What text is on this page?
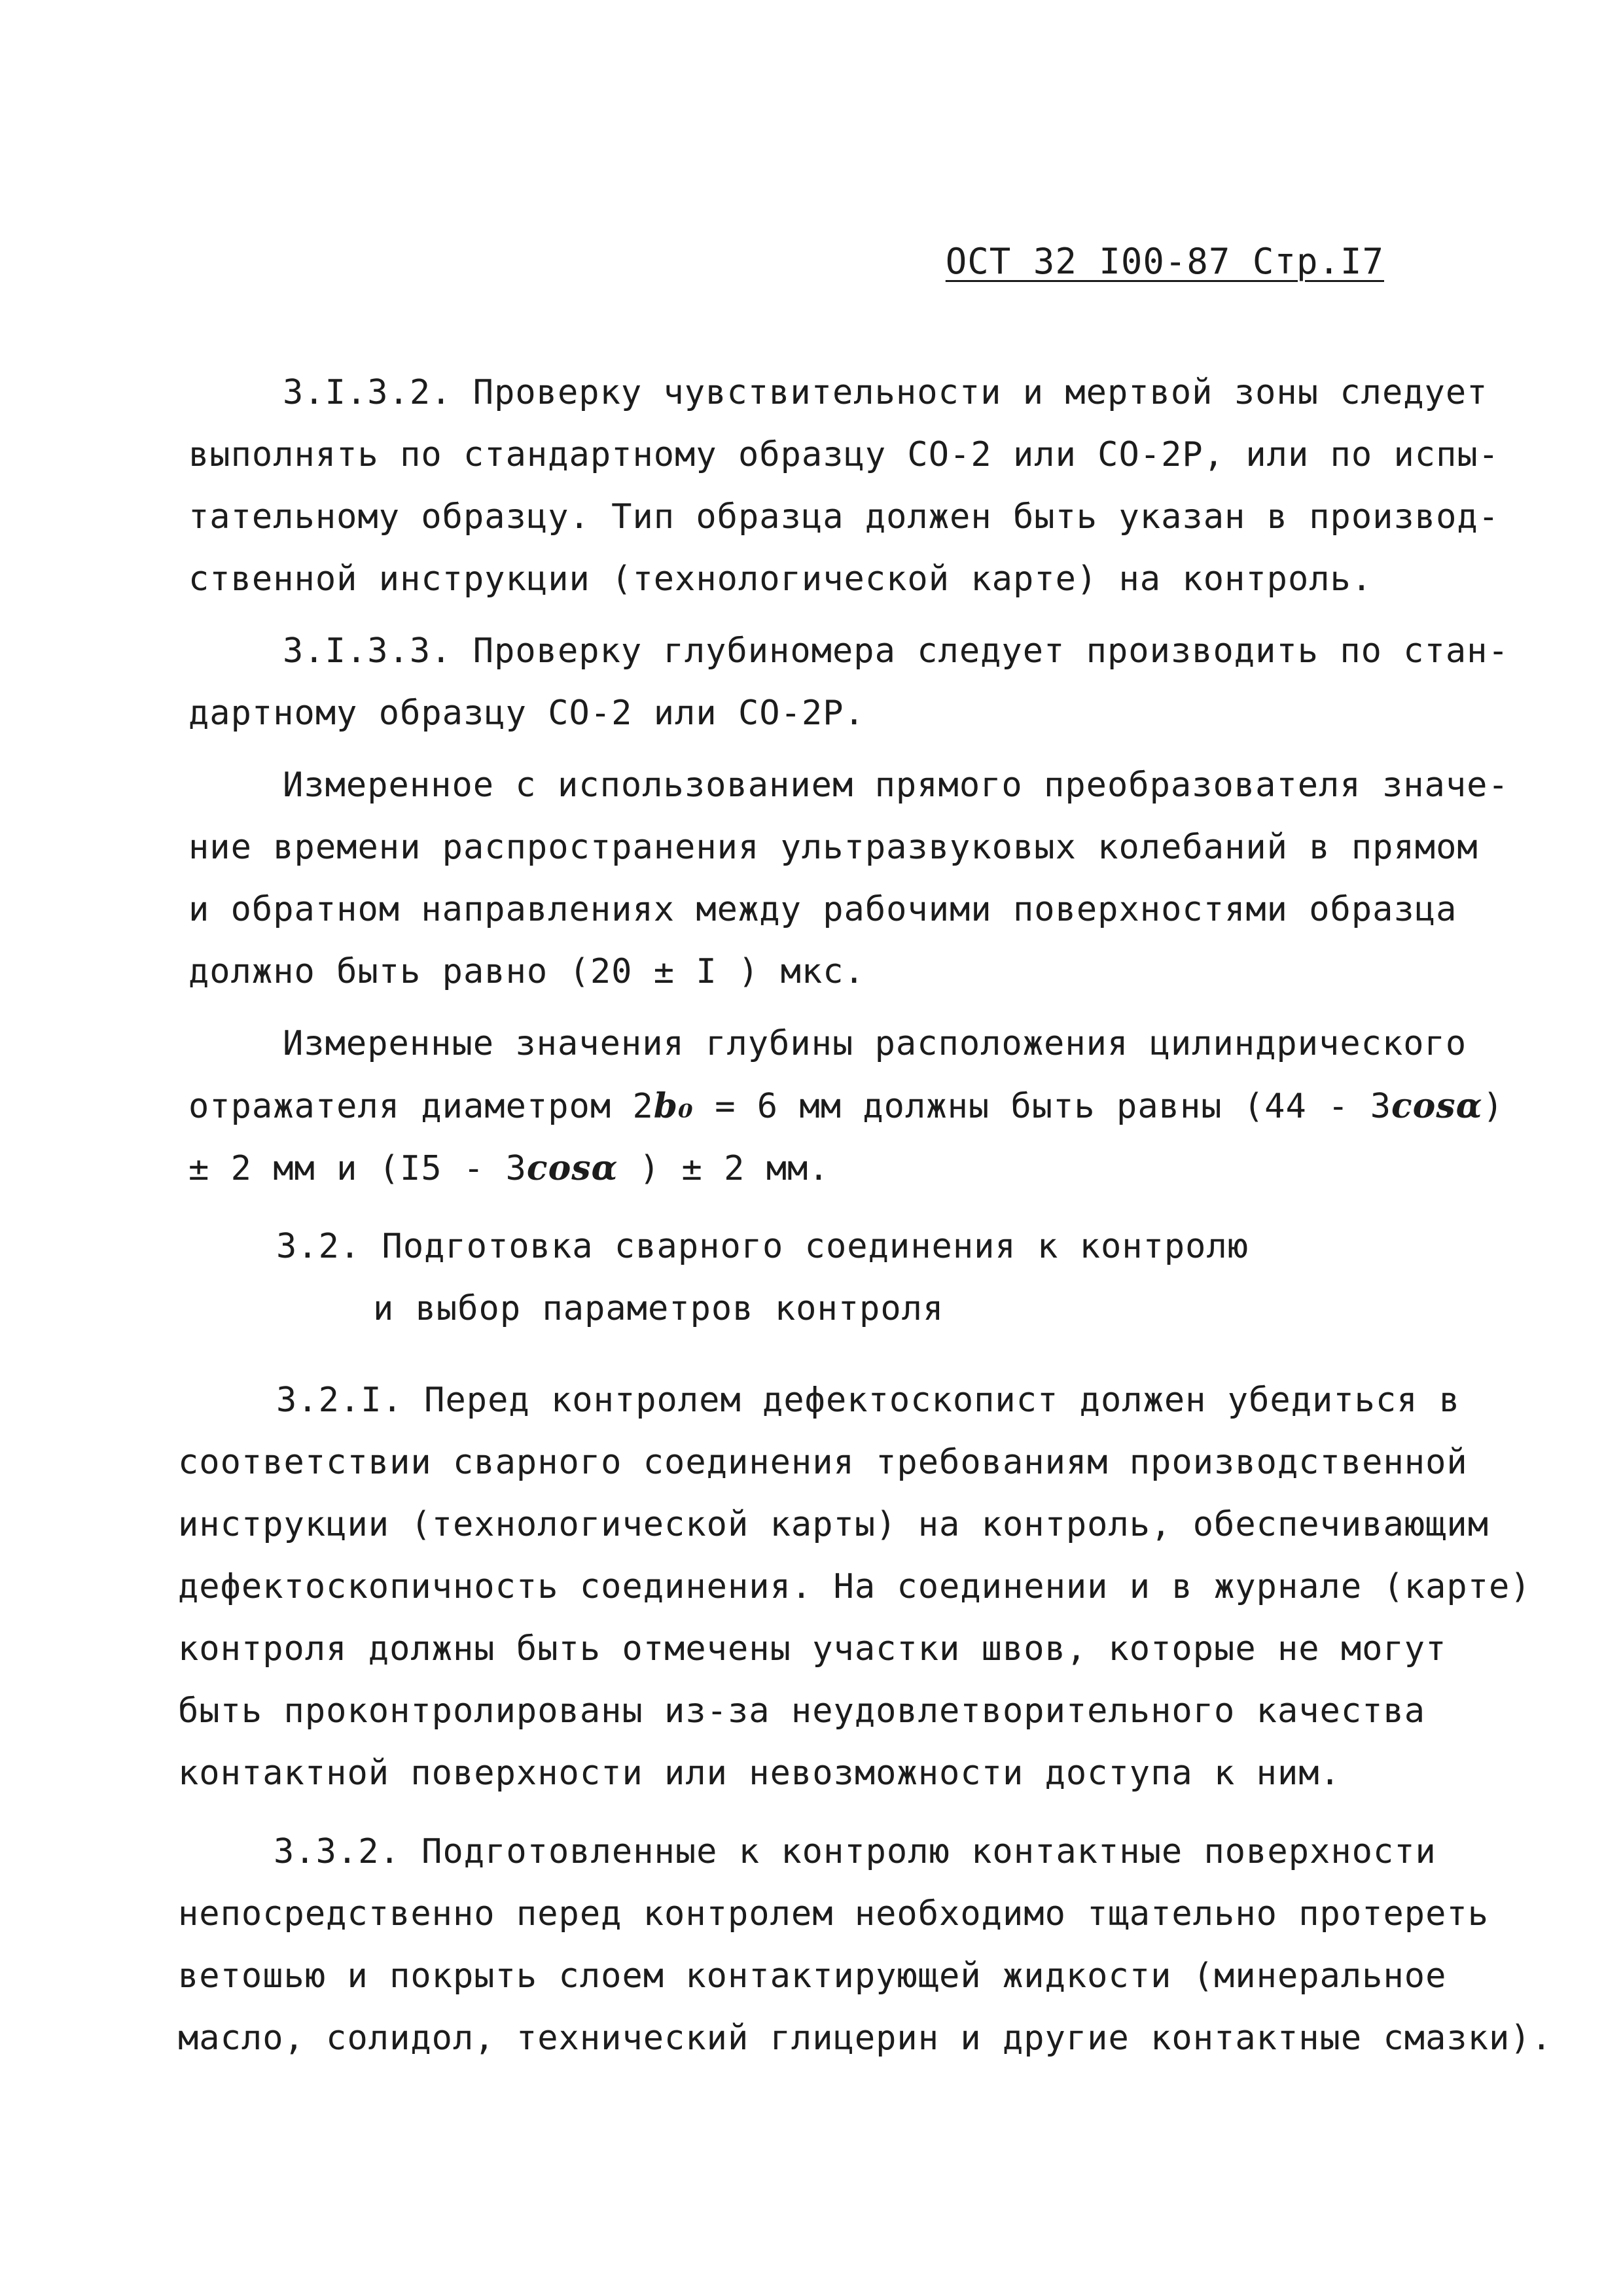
ОСТ 32 I00-87 Стр.I7
3.I.3.2. Проверку чувствительности и мертвой зоны следует
выполнять по стандартному образцу СО-2 или СО-2Р, или по испы-
тательному образцу. Тип образца должен быть указан в производ-
ственной инструкции (технологической карте) на контроль.
3.I.3.3. Проверку глубиномера следует производить по стан-
дартному образцу СО-2 или СО-2Р.
Измеренное с использованием прямого преобразователя значе-
ние времени распространения ультразвуковых колебаний в прямом
и обратном направлениях между рабочими поверхностями образца
должно быть равно (20 ± I ) мкс.
Измеренные значения глубины расположения цилиндрического
отражателя диаметром 2b₀ = 6 мм должны быть равны (44 - 3cosα)
± 2 мм и (I5 - 3cosα ) ± 2 мм.
3.2. Подготовка сварного соединения к контролю
и выбор параметров контроля
3.2.I. Перед контролем дефектоскопист должен убедиться в
соответствии сварного соединения требованиям производственной
инструкции (технологической карты) на контроль, обеспечивающим
дефектоскопичность соединения. На соединении и в журнале (карте)
контроля должны быть отмечены участки швов, которые не могут
быть проконтролированы из-за неудовлетворительного качества
контактной поверхности или невозможности доступа к ним.
3.3.2. Подготовленные к контролю контактные поверхности
непосредственно перед контролем необходимо тщательно протереть
ветошью и покрыть слоем контактирующей жидкости (минеральное
масло, солидол, технический глицерин и другие контактные смазки).
